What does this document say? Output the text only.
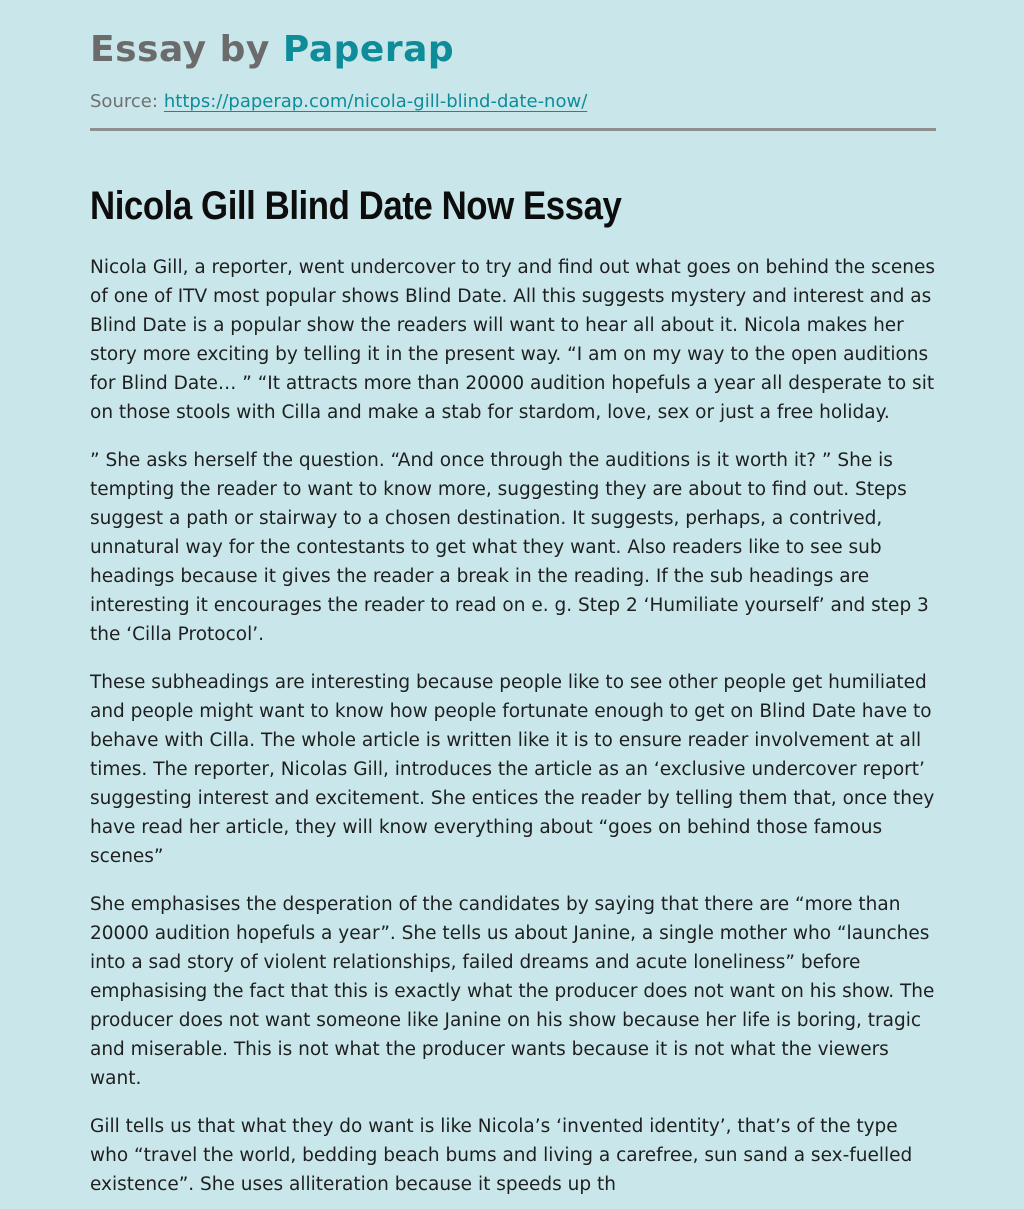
Essay by Paperap
Source: https://paperap.com/nicola-gill-blind-date-now/
Nicola Gill Blind Date Now Essay

Nicola Gill, a reporter, went undercover to try and find out what goes on behind the scenes of one of ITV most popular shows Blind Date. All this suggests mystery and interest and as Blind Date is a popular show the readers will want to hear all about it. Nicola makes her story more exciting by telling it in the present way. “I am on my way to the open auditions for Blind Date… ” “It attracts more than 20000 audition hopefuls a year all desperate to sit on those stools with Cilla and make a stab for stardom, love, sex or just a free holiday.

” She asks herself the question. “And once through the auditions is it worth it? ” She is tempting the reader to want to know more, suggesting they are about to find out. Steps suggest a path or stairway to a chosen destination. It suggests, perhaps, a contrived, unnatural way for the contestants to get what they want. Also readers like to see sub headings because it gives the reader a break in the reading. If the sub headings are interesting it encourages the reader to read on e. g. Step 2 ‘Humiliate yourself’ and step 3 the ‘Cilla Protocol’.

These subheadings are interesting because people like to see other people get humiliated and people might want to know how people fortunate enough to get on Blind Date have to behave with Cilla. The whole article is written like it is to ensure reader involvement at all times. The reporter, Nicolas Gill, introduces the article as an ‘exclusive undercover report’ suggesting interest and excitement. She entices the reader by telling them that, once they have read her article, they will know everything about “goes on behind those famous scenes”

She emphasises the desperation of the candidates by saying that there are “more than 20000 audition hopefuls a year”. She tells us about Janine, a single mother who “launches into a sad story of violent relationships, failed dreams and acute loneliness” before emphasising the fact that this is exactly what the producer does not want on his show. The producer does not want someone like Janine on his show because her life is boring, tragic and miserable. This is not what the producer wants because it is not what the viewers want.

Gill tells us that what they do want is like Nicola’s ‘invented identity’, that’s of the type who “travel the world, bedding beach bums and living a carefree, sun sand a sex-fuelled existence”. She uses alliteration because it speeds up th
